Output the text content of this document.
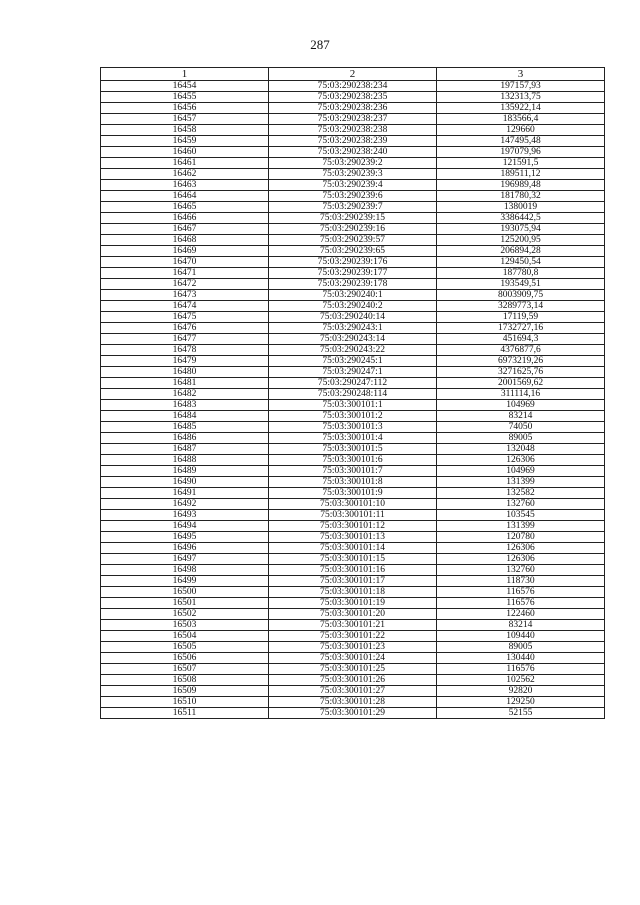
287
1	2	3
16454	75:03:290238:234	197157,93
16455	75:03:290238:235	132313,75
16456	75:03:290238:236	135922,14
16457	75:03:290238:237	183566,4
16458	75:03:290238:238	129660
16459	75:03:290238:239	147495,48
16460	75:03:290238:240	197079,96
16461	75:03:290239:2	121591,5
16462	75:03:290239:3	189511,12
16463	75:03:290239:4	196989,48
16464	75:03:290239:6	181780,32
16465	75:03:290239:7	1380019
16466	75:03:290239:15	3386442,5
16467	75:03:290239:16	193075,94
16468	75:03:290239:57	125200,95
16469	75:03:290239:65	206894,28
16470	75:03:290239:176	129450,54
16471	75:03:290239:177	187780,8
16472	75:03:290239:178	193549,51
16473	75:03:290240:1	8003909,75
16474	75:03:290240:2	3289773,14
16475	75:03:290240:14	17119,59
16476	75:03:290243:1	1732727,16
16477	75:03:290243:14	451694,3
16478	75:03:290243:22	4376877,6
16479	75:03:290245:1	6973219,26
16480	75:03:290247:1	3271625,76
16481	75:03:290247:112	2001569,62
16482	75:03:290248:114	311114,16
16483	75:03:300101:1	104969
16484	75:03:300101:2	83214
16485	75:03:300101:3	74050
16486	75:03:300101:4	89005
16487	75:03:300101:5	132048
16488	75:03:300101:6	126306
16489	75:03:300101:7	104969
16490	75:03:300101:8	131399
16491	75:03:300101:9	132582
16492	75:03:300101:10	132760
16493	75:03:300101:11	103545
16494	75:03:300101:12	131399
16495	75:03:300101:13	120780
16496	75:03:300101:14	126306
16497	75:03:300101:15	126306
16498	75:03:300101:16	132760
16499	75:03:300101:17	118730
16500	75:03:300101:18	116576
16501	75:03:300101:19	116576
16502	75:03:300101:20	122460
16503	75:03:300101:21	83214
16504	75:03:300101:22	109440
16505	75:03:300101:23	89005
16506	75:03:300101:24	130440
16507	75:03:300101:25	116576
16508	75:03:300101:26	102562
16509	75:03:300101:27	92820
16510	75:03:300101:28	129250
16511	75:03:300101:29	52155
